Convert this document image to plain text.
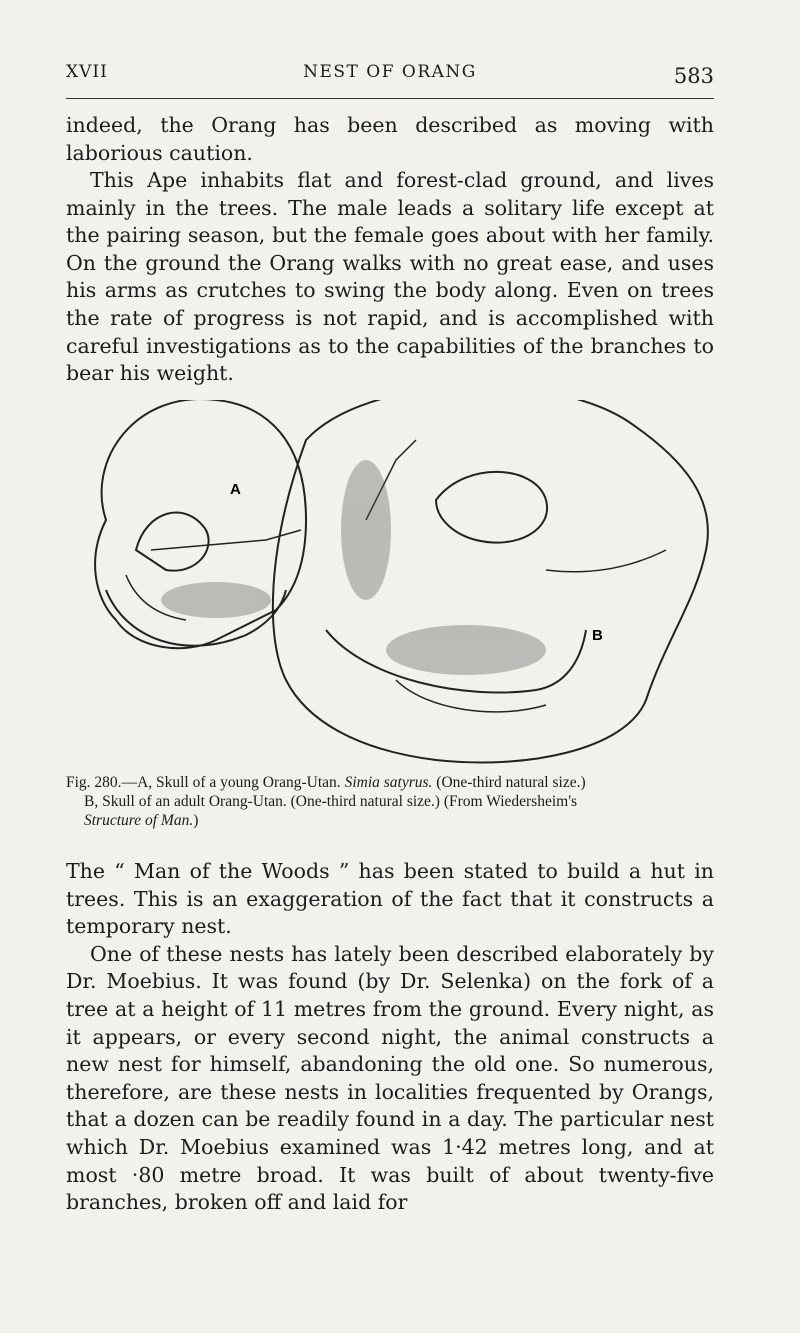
XVII	NEST OF ORANG	583

indeed, the Orang has been described as moving with laborious caution.

This Ape inhabits flat and forest-clad ground, and lives mainly in the trees. The male leads a solitary life except at the pairing season, but the female goes about with her family. On the ground the Orang walks with no great ease, and uses his arms as crutches to swing the body along. Even on trees the rate of progress is not rapid, and is accomplished with careful investigations as to the capabilities of the branches to bear his weight.

A
B
Fig. 280.—A, Skull of a young Orang-Utan. Simia satyrus. (One-third natural size.)
B, Skull of an adult Orang-Utan. (One-third natural size.) (From Wiedersheim's
Structure of Man.)

The “ Man of the Woods ” has been stated to build a hut in trees. This is an exaggeration of the fact that it constructs a temporary nest.

One of these nests has lately been described elaborately by Dr. Moebius. It was found (by Dr. Selenka) on the fork of a tree at a height of 11 metres from the ground. Every night, as it appears, or every second night, the animal constructs a new nest for himself, abandoning the old one. So numerous, therefore, are these nests in localities frequented by Orangs, that a dozen can be readily found in a day. The particular nest which Dr. Moebius examined was 1·42 metres long, and at most ·80 metre broad. It was built of about twenty-five branches, broken off and laid for
